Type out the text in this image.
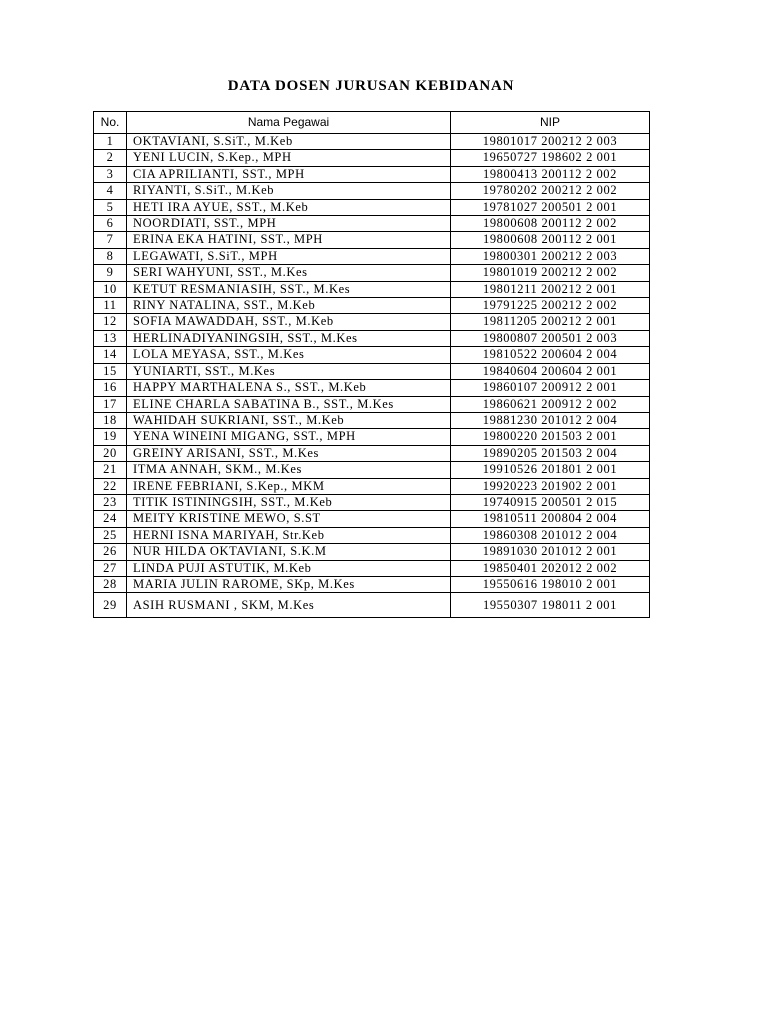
DATA DOSEN JURUSAN KEBIDANAN
No.	Nama Pegawai	NIP
1	OKTAVIANI, S.SiT., M.Keb	19801017 200212 2 003
2	YENI LUCIN, S.Kep., MPH	19650727 198602 2 001
3	CIA APRILIANTI, SST., MPH	19800413 200112 2 002
4	RIYANTI, S.SiT., M.Keb	19780202 200212 2 002
5	HETI IRA AYUE, SST., M.Keb	19781027 200501 2 001
6	NOORDIATI, SST., MPH	19800608 200112 2 002
7	ERINA EKA HATINI, SST., MPH	19800608 200112 2 001
8	LEGAWATI, S.SiT., MPH	19800301 200212 2 003
9	SERI WAHYUNI, SST., M.Kes	19801019 200212 2 002
10	KETUT RESMANIASIH, SST., M.Kes	19801211 200212 2 001
11	RINY NATALINA, SST., M.Keb	19791225 200212 2 002
12	SOFIA MAWADDAH, SST., M.Keb	19811205 200212 2 001
13	HERLINADIYANINGSIH, SST., M.Kes	19800807 200501 2 003
14	LOLA MEYASA, SST., M.Kes	19810522 200604 2 004
15	YUNIARTI, SST., M.Kes	19840604 200604 2 001
16	HAPPY MARTHALENA S., SST., M.Keb	19860107 200912 2 001
17	ELINE CHARLA SABATINA B., SST., M.Kes	19860621 200912 2 002
18	WAHIDAH SUKRIANI, SST., M.Keb	19881230 201012 2 004
19	YENA WINEINI MIGANG, SST., MPH	19800220 201503 2 001
20	GREINY ARISANI, SST., M.Kes	19890205 201503 2 004
21	ITMA ANNAH, SKM., M.Kes	19910526 201801 2 001
22	IRENE FEBRIANI, S.Kep., MKM	19920223 201902 2 001
23	TITIK ISTININGSIH, SST., M.Keb	19740915 200501 2 015
24	MEITY KRISTINE MEWO, S.ST	19810511 200804 2 004
25	HERNI ISNA MARIYAH, Str.Keb	19860308 201012 2 004
26	NUR HILDA OKTAVIANI, S.K.M	19891030 201012 2 001
27	LINDA PUJI ASTUTIK, M.Keb	19850401 202012 2 002
28	MARIA JULIN RAROME, SKp, M.Kes	19550616 198010 2 001
29	ASIH RUSMANI , SKM, M.Kes	19550307 198011 2 001
